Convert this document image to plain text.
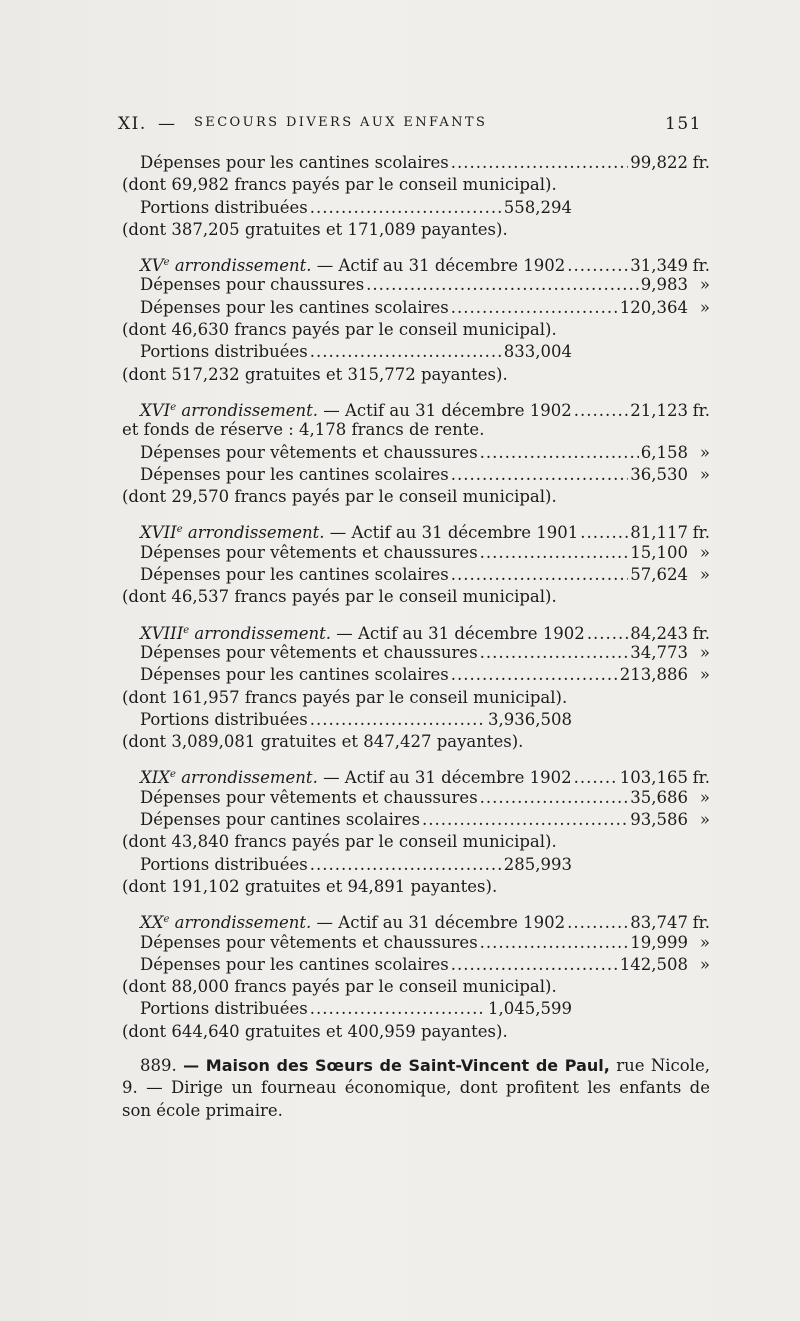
XI. — SECOURS DIVERS AUX ENFANTS	151
Dépenses pour les cantines scolaires .....	99,822 fr.
(dont 69,982 francs payés par le conseil municipal).
Portions distribuées .....	558,294
(dont 387,205 gratuites et 171,089 payantes).
XVe arrondissement. — Actif au 31 décembre 1902 .....	31,349 fr.
Dépenses pour chaussures .....	9,983 »
Dépenses pour les cantines scolaires .....	120,364 »
(dont 46,630 francs payés par le conseil municipal).
Portions distribuées .....	833,004
(dont 517,232 gratuites et 315,772 payantes).
XVIe arrondissement. — Actif au 31 décembre 1902 .....	21,123 fr.
et fonds de réserve : 4,178 francs de rente.
Dépenses pour vêtements et chaussures .....	6,158 »
Dépenses pour les cantines scolaires .....	36,530 »
(dont 29,570 francs payés par le conseil municipal).
XVIIe arrondissement. — Actif au 31 décembre 1901 .....	81,117 fr.
Dépenses pour vêtements et chaussures .....	15,100 »
Dépenses pour les cantines scolaires .....	57,624 »
(dont 46,537 francs payés par le conseil municipal).
XVIIIe arrondissement. — Actif au 31 décembre 1902 .....	84,243 fr.
Dépenses pour vêtements et chaussures .....	34,773 »
Dépenses pour les cantines scolaires .....	213,886 »
(dont 161,957 francs payés par le conseil municipal).
Portions distribuées .....	3,936,508
(dont 3,089,081 gratuites et 847,427 payantes).
XIXe arrondissement. — Actif au 31 décembre 1902 .....	103,165 fr.
Dépenses pour vêtements et chaussures .....	35,686 »
Dépenses pour cantines scolaires .....	93,586 »
(dont 43,840 francs payés par le conseil municipal).
Portions distribuées .....	285,993
(dont 191,102 gratuites et 94,891 payantes).
XXe arrondissement. — Actif au 31 décembre 1902 .....	83,747 fr.
Dépenses pour vêtements et chaussures .....	19,999 »
Dépenses pour les cantines scolaires .....	142,508 »
(dont 88,000 francs payés par le conseil municipal).
Portions distribuées .....	1,045,599
(dont 644,640 gratuites et 400,959 payantes).
889. — Maison des Sœurs de Saint-Vincent de Paul, rue Nicole, 9. — Dirige un fourneau économique, dont profitent les enfants de son école primaire.
